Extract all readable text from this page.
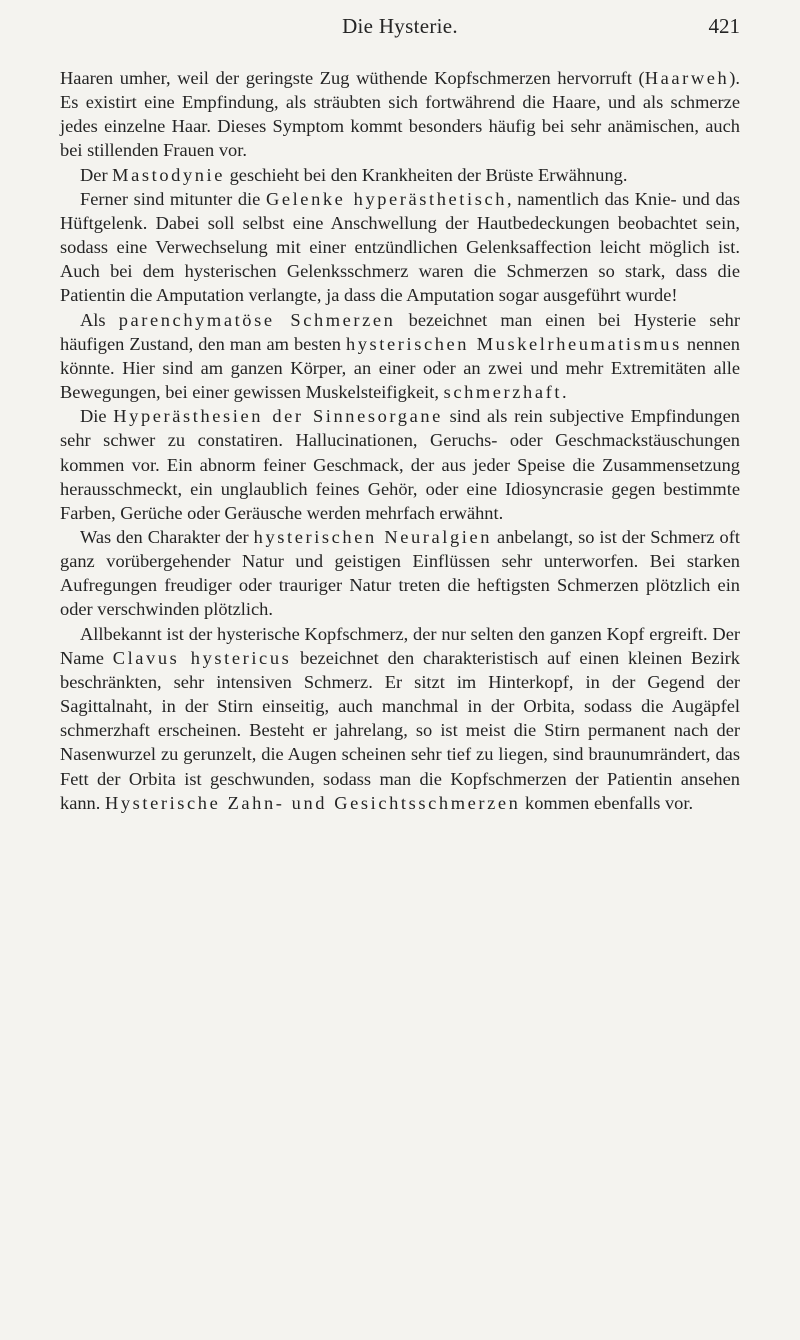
Die Hysterie.	421

Haaren umher, weil der geringste Zug wüthende Kopfschmerzen hervorruft (Haarweh). Es existirt eine Empfindung, als sträubten sich fortwährend die Haare, und als schmerze jedes einzelne Haar. Dieses Symptom kommt besonders häufig bei sehr anämischen, auch bei stillenden Frauen vor.

Der Mastodynie geschieht bei den Krankheiten der Brüste Erwähnung.

Ferner sind mitunter die Gelenke hyperästhetisch, namentlich das Knie- und das Hüftgelenk. Dabei soll selbst eine Anschwellung der Hautbedeckungen beobachtet sein, sodass eine Verwechselung mit einer entzündlichen Gelenksaffection leicht möglich ist. Auch bei dem hysterischen Gelenksschmerz waren die Schmerzen so stark, dass die Patientin die Amputation verlangte, ja dass die Amputation sogar ausgeführt wurde!

Als parenchymatöse Schmerzen bezeichnet man einen bei Hysterie sehr häufigen Zustand, den man am besten hysterischen Muskelrheumatismus nennen könnte. Hier sind am ganzen Körper, an einer oder an zwei und mehr Extremitäten alle Bewegungen, bei einer gewissen Muskelsteifigkeit, schmerzhaft.

Die Hyperästhesien der Sinnesorgane sind als rein subjective Empfindungen sehr schwer zu constatiren. Hallucinationen, Geruchs- oder Geschmackstäuschungen kommen vor. Ein abnorm feiner Geschmack, der aus jeder Speise die Zusammensetzung herausschmeckt, ein unglaublich feines Gehör, oder eine Idiosyncrasie gegen bestimmte Farben, Gerüche oder Geräusche werden mehrfach erwähnt.

Was den Charakter der hysterischen Neuralgien anbelangt, so ist der Schmerz oft ganz vorübergehender Natur und geistigen Einflüssen sehr unterworfen. Bei starken Aufregungen freudiger oder trauriger Natur treten die heftigsten Schmerzen plötzlich ein oder verschwinden plötzlich.

Allbekannt ist der hysterische Kopfschmerz, der nur selten den ganzen Kopf ergreift. Der Name Clavus hystericus bezeichnet den charakteristisch auf einen kleinen Bezirk beschränkten, sehr intensiven Schmerz. Er sitzt im Hinterkopf, in der Gegend der Sagittalnaht, in der Stirn einseitig, auch manchmal in der Orbita, sodass die Augäpfel schmerzhaft erscheinen. Besteht er jahrelang, so ist meist die Stirn permanent nach der Nasenwurzel zu gerunzelt, die Augen scheinen sehr tief zu liegen, sind braunumrändert, das Fett der Orbita ist geschwunden, sodass man die Kopfschmerzen der Patientin ansehen kann. Hysterische Zahn- und Gesichtsschmerzen kommen ebenfalls vor.
